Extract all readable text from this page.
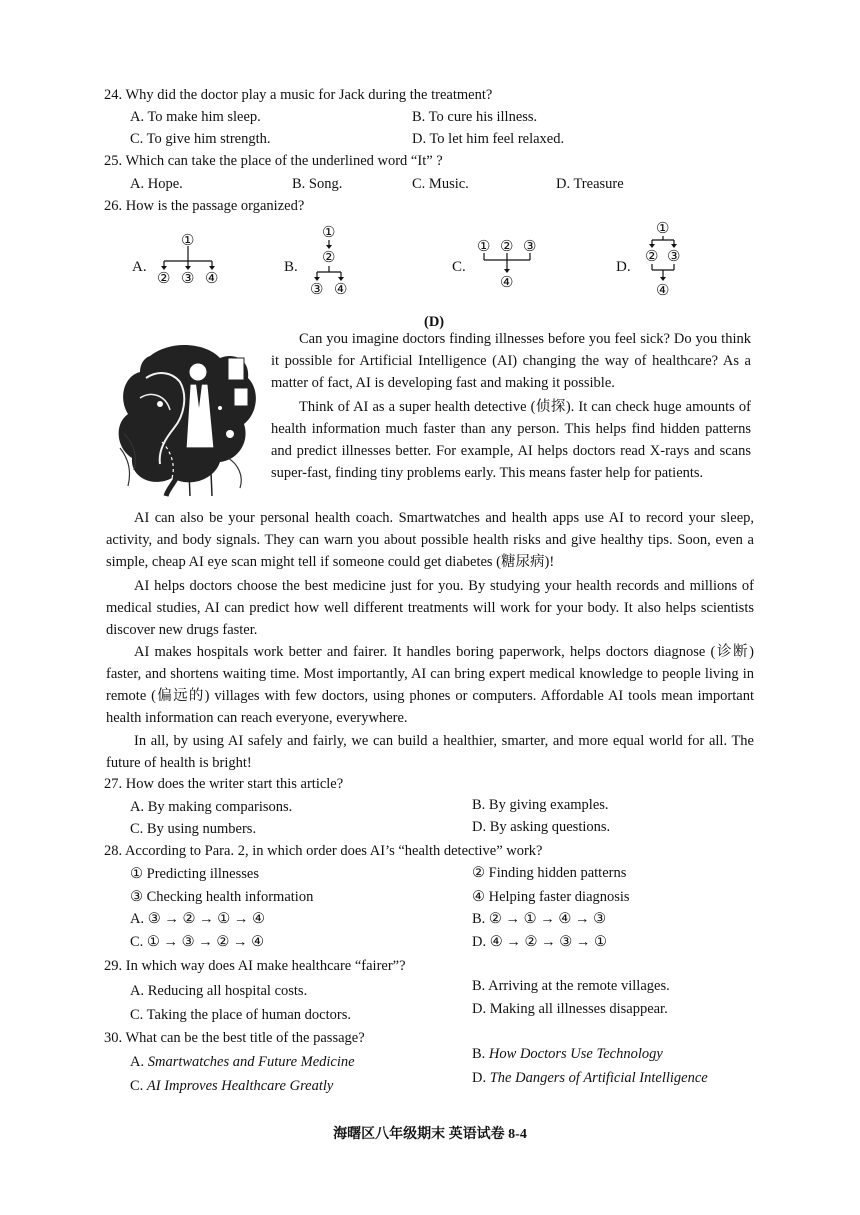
24. Why did the doctor play a music for Jack during the treatment?
A. To make him sleep.	B. To cure his illness.
C. To give him strength.	D. To let him feel relaxed.
25. Which can take the place of the underlined word “It” ?
A. Hope.	B. Song.	C. Music.	D. Treasure
26. How is the passage organized?
A.
①
② ③ ④
B.
①
②
③ ④
C.
① ② ③
④
D.
①
② ③
④
(D)
Can you imagine doctors finding illnesses before you feel sick? Do you think it possible for Artificial Intelligence (AI) changing the way of healthcare? As a matter of fact, AI is developing fast and making it possible.
Think of AI as a super health detective (侦探). It can check huge amounts of health information much faster than any person. This helps find hidden patterns and predict illnesses better. For example, AI helps doctors read X-rays and scans super-fast, finding tiny problems early. This means faster help for patients.
AI can also be your personal health coach. Smartwatches and health apps use AI to record your sleep, activity, and body signals. They can warn you about possible health risks and give healthy tips. Soon, even a simple, cheap AI eye scan might tell if someone could get diabetes (糖尿病)!
AI helps doctors choose the best medicine just for you. By studying your health records and millions of medical studies, AI can predict how well different treatments will work for your body. It also helps scientists discover new drugs faster.
AI makes hospitals work better and fairer. It handles boring paperwork, helps doctors diagnose (诊断) faster, and shortens waiting time. Most importantly, AI can bring expert medical knowledge to people living in remote (偏远的) villages with few doctors, using phones or computers. Affordable AI tools mean important health information can reach everyone, everywhere.
In all, by using AI safely and fairly, we can build a healthier, smarter, and more equal world for all. The future of health is bright!
27. How does the writer start this article?
A. By making comparisons.	B. By giving examples.
C. By using numbers.	D. By asking questions.
28. According to Para. 2, in which order does AI’s “health detective” work?
① Predicting illnesses	② Finding hidden patterns
③ Checking health information	④ Helping faster diagnosis
A. ③ → ② → ① → ④	B. ② → ① → ④ → ③
C. ① → ③ → ② → ④	D. ④ → ② → ③ → ①
29. In which way does AI make healthcare “fairer”?
A. Reducing all hospital costs.	B. Arriving at the remote villages.
C. Taking the place of human doctors.	D. Making all illnesses disappear.
30. What can be the best title of the passage?
A. Smartwatches and Future Medicine	B. How Doctors Use Technology
C. AI Improves Healthcare Greatly	D. The Dangers of Artificial Intelligence
海曙区八年级期末 英语试卷 8-4
